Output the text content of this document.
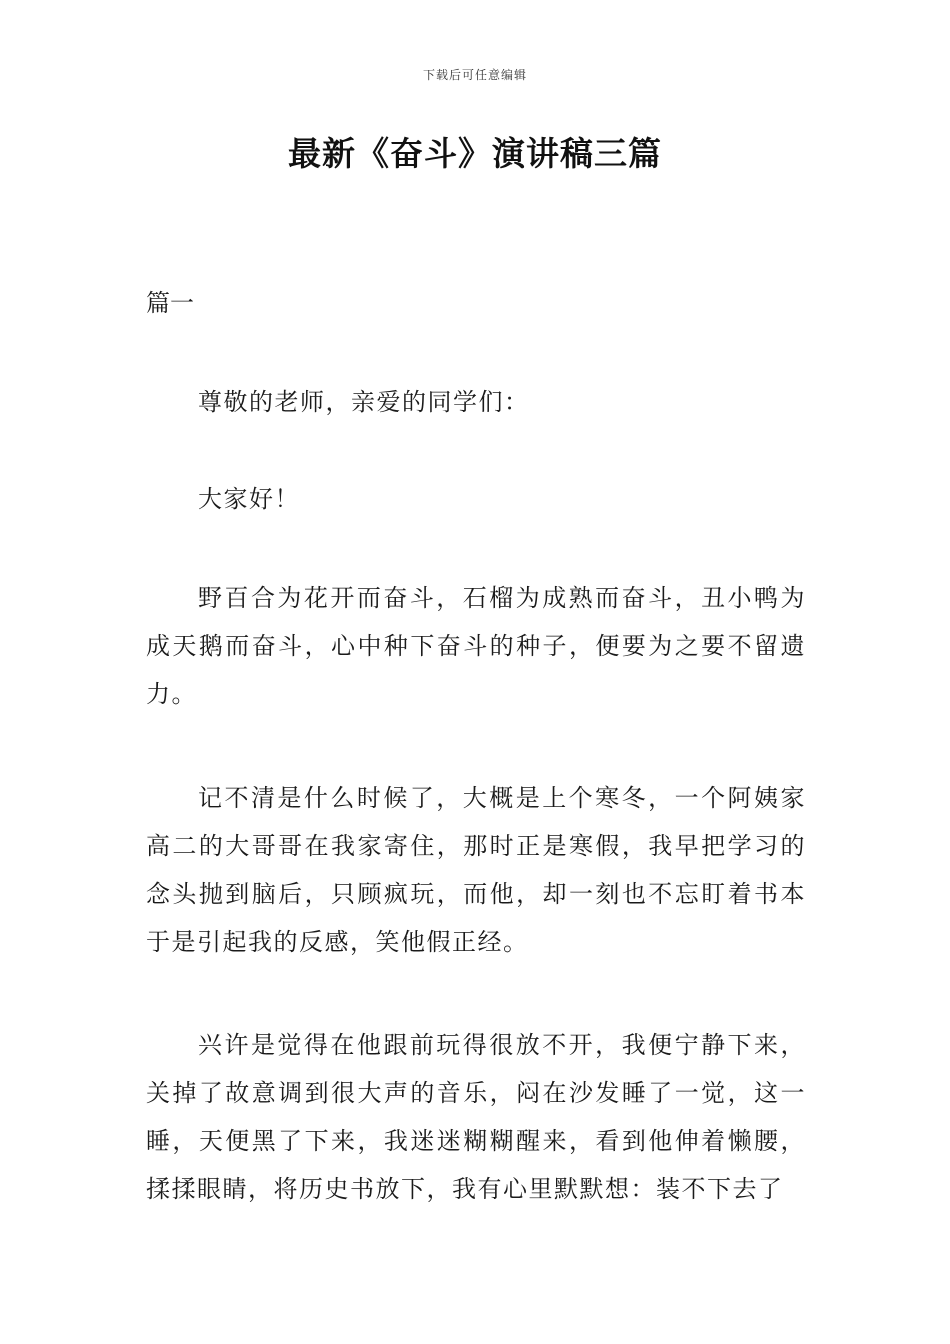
下载后可任意编辑
最新《奋斗》演讲稿三篇

篇一

尊敬的老师，亲爱的同学们：

大家好！

野百合为花开而奋斗，石榴为成熟而奋斗，丑小鸭为成天鹅而奋斗，心中种下奋斗的种子，便要为之要不留遗力。

记不清是什么时候了，大概是上个寒冬，一个阿姨家高二的大哥哥在我家寄住，那时正是寒假，我早把学习的念头抛到脑后，只顾疯玩，而他，却一刻也不忘盯着书本于是引起我的反感，笑他假正经。

兴许是觉得在他跟前玩得很放不开，我便宁静下来，关掉了故意调到很大声的音乐，闷在沙发睡了一觉，这一睡，天便黑了下来，我迷迷糊糊醒来，看到他伸着懒腰，揉揉眼睛，将历史书放下，我有心里默默想：装不下去了
